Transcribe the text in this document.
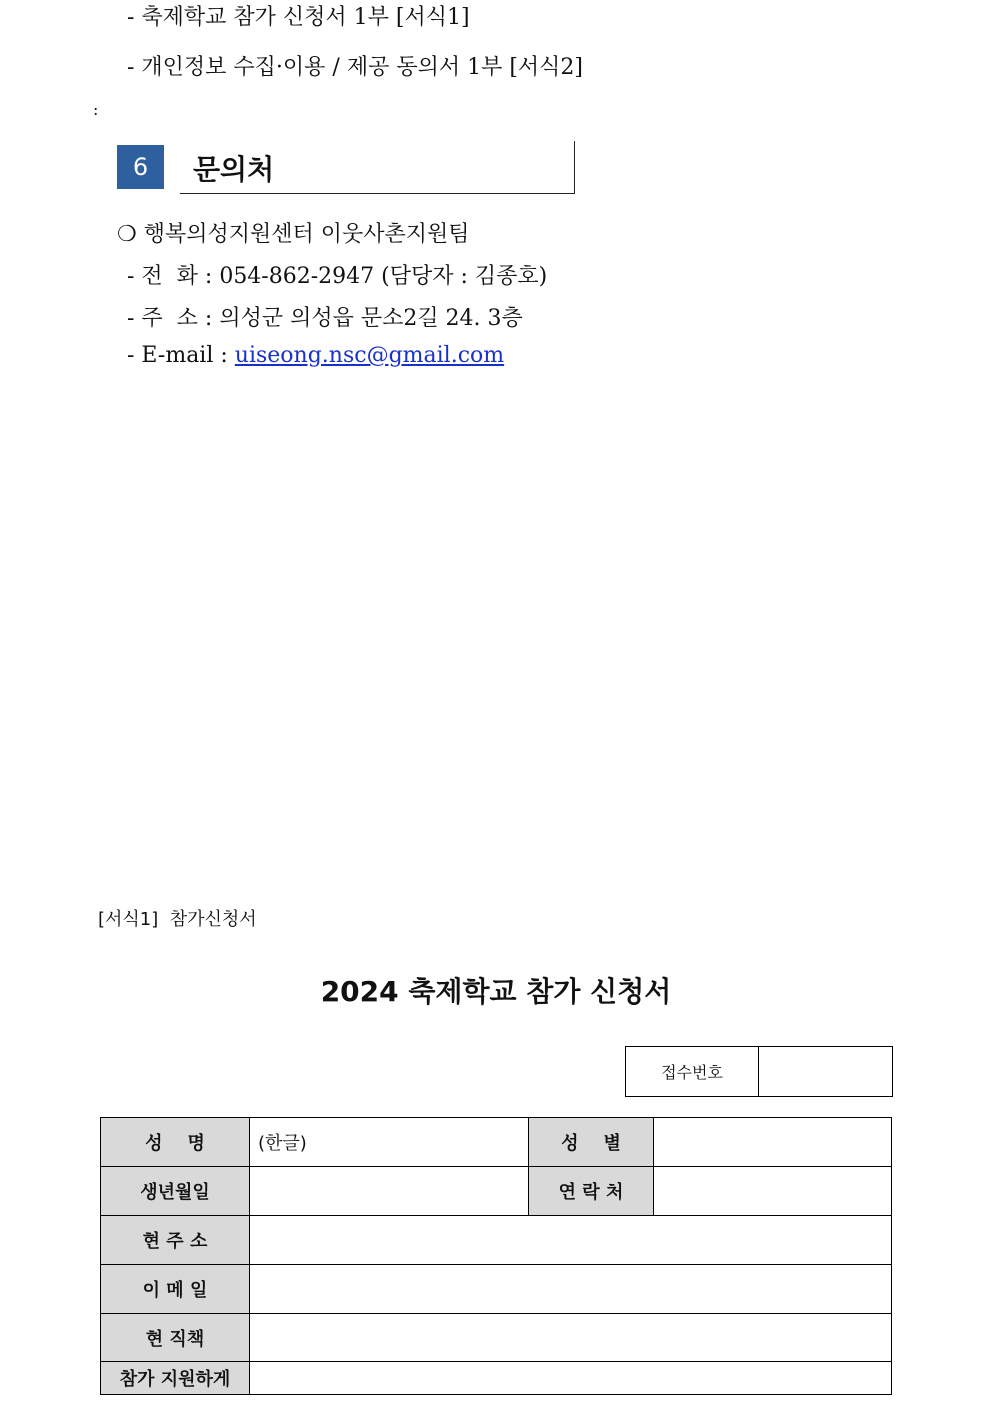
- 축제학교 참가 신청서 1부 [서식1]
- 개인정보 수집·이용 / 제공 동의서 1부 [서식2]
:
6	문의처
❍ 행복의성지원센터 이웃사촌지원팀
- 전  화 : 054-862-2947 (담당자 : 김종호)
- 주  소 : 의성군 의성읍 문소2길 24. 3층
- E-mail : uiseong.nsc@gmail.com
[서식1]  참가신청서
2024 축제학교 참가 신청서
접수번호	
성    명	(한글)	성    별	
생년월일		연 락 처	
현 주 소			
이 메 일			
현 직책			
참가 지원하게			
